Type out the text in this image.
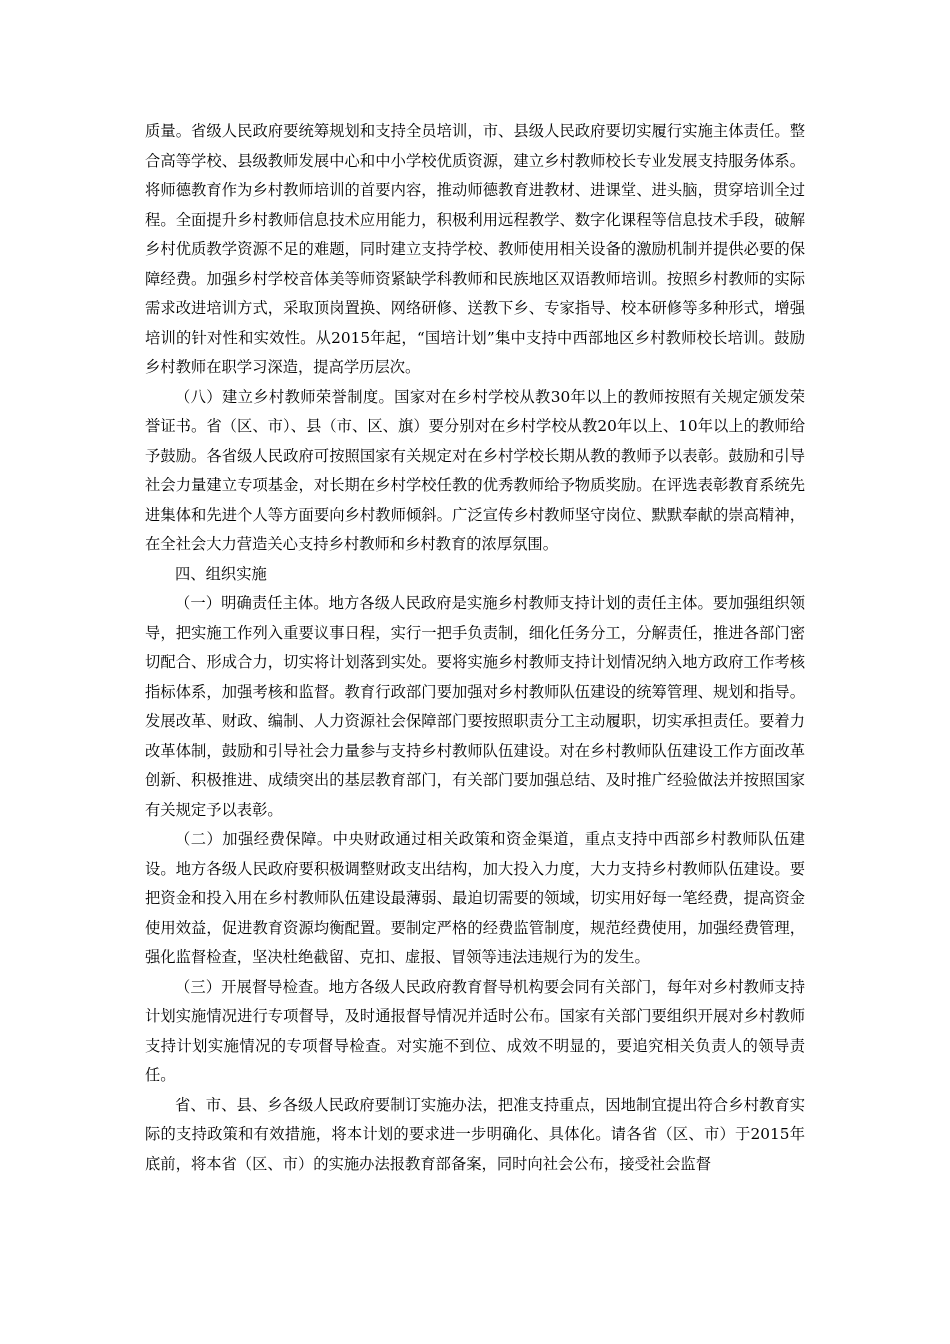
质量。省级人民政府要统筹规划和支持全员培训，市、县级人民政府要切实履行实施主体责任。整合高等学校、县级教师发展中心和中小学校优质资源，建立乡村教师校长专业发展支持服务体系。将师德教育作为乡村教师培训的首要内容，推动师德教育进教材、进课堂、进头脑，贯穿培训全过程。全面提升乡村教师信息技术应用能力，积极利用远程教学、数字化课程等信息技术手段，破解乡村优质教学资源不足的难题，同时建立支持学校、教师使用相关设备的激励机制并提供必要的保障经费。加强乡村学校音体美等师资紧缺学科教师和民族地区双语教师培训。按照乡村教师的实际需求改进培训方式，采取顶岗置换、网络研修、送教下乡、专家指导、校本研修等多种形式，增强培训的针对性和实效性。从2015年起，“国培计划”集中支持中西部地区乡村教师校长培训。鼓励乡村教师在职学习深造，提高学历层次。

（八）建立乡村教师荣誉制度。国家对在乡村学校从教30年以上的教师按照有关规定颁发荣誉证书。省（区、市）、县（市、区、旗）要分别对在乡村学校从教20年以上、10年以上的教师给予鼓励。各省级人民政府可按照国家有关规定对在乡村学校长期从教的教师予以表彰。鼓励和引导社会力量建立专项基金，对长期在乡村学校任教的优秀教师给予物质奖励。在评选表彰教育系统先进集体和先进个人等方面要向乡村教师倾斜。广泛宣传乡村教师坚守岗位、默默奉献的崇高精神，在全社会大力营造关心支持乡村教师和乡村教育的浓厚氛围。

四、组织实施

（一）明确责任主体。地方各级人民政府是实施乡村教师支持计划的责任主体。要加强组织领导，把实施工作列入重要议事日程，实行一把手负责制，细化任务分工，分解责任，推进各部门密切配合、形成合力，切实将计划落到实处。要将实施乡村教师支持计划情况纳入地方政府工作考核指标体系，加强考核和监督。教育行政部门要加强对乡村教师队伍建设的统筹管理、规划和指导。发展改革、财政、编制、人力资源社会保障部门要按照职责分工主动履职，切实承担责任。要着力改革体制，鼓励和引导社会力量参与支持乡村教师队伍建设。对在乡村教师队伍建设工作方面改革创新、积极推进、成绩突出的基层教育部门，有关部门要加强总结、及时推广经验做法并按照国家有关规定予以表彰。

（二）加强经费保障。中央财政通过相关政策和资金渠道，重点支持中西部乡村教师队伍建设。地方各级人民政府要积极调整财政支出结构，加大投入力度，大力支持乡村教师队伍建设。要把资金和投入用在乡村教师队伍建设最薄弱、最迫切需要的领域，切实用好每一笔经费，提高资金使用效益，促进教育资源均衡配置。要制定严格的经费监管制度，规范经费使用，加强经费管理，强化监督检查，坚决杜绝截留、克扣、虚报、冒领等违法违规行为的发生。

（三）开展督导检查。地方各级人民政府教育督导机构要会同有关部门，每年对乡村教师支持计划实施情况进行专项督导，及时通报督导情况并适时公布。国家有关部门要组织开展对乡村教师支持计划实施情况的专项督导检查。对实施不到位、成效不明显的，要追究相关负责人的领导责任。

省、市、县、乡各级人民政府要制订实施办法，把准支持重点，因地制宜提出符合乡村教育实际的支持政策和有效措施，将本计划的要求进一步明确化、具体化。请各省（区、市）于2015年底前，将本省（区、市）的实施办法报教育部备案，同时向社会公布，接受社会监督
